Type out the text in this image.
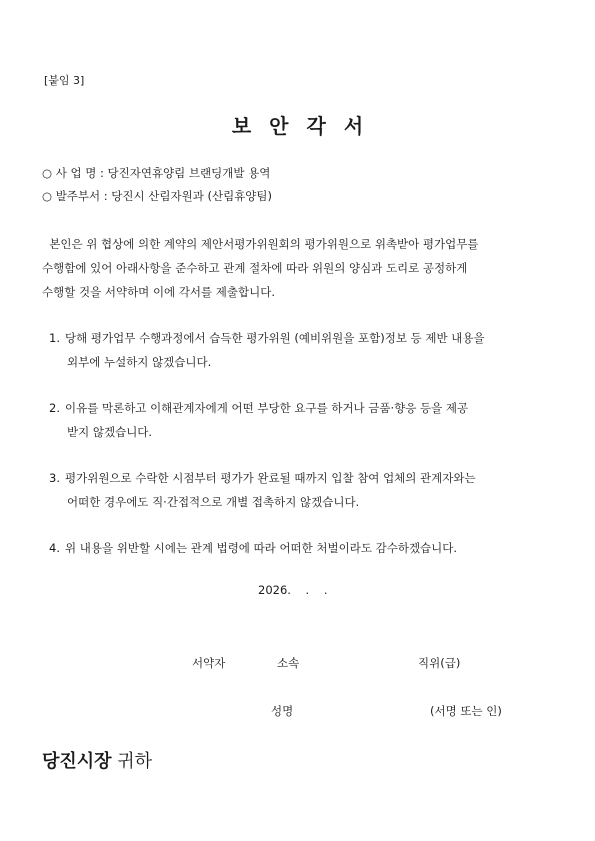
[붙임 3]
보안각서
○ 사 업 명 : 당진자연휴양림 브랜딩개발 용역
○ 발주부서 : 당진시 산림자원과 (산림휴양팀)
본인은 위 협상에 의한 계약의 제안서평가위원회의 평가위원으로 위촉받아 평가업무를
수행함에 있어 아래사항을 준수하고 관계 절차에 따라 위원의 양심과 도리로 공정하게
수행할 것을 서약하며 이에 각서를 제출합니다.
1. 당해 평가업무 수행과정에서 습득한 평가위원 (예비위원을 포함)정보 등 제반 내용을
외부에 누설하지 않겠습니다.
2. 이유를 막론하고 이해관계자에게 어떤 부당한 요구를 하거나 금품·향응 등을 제공
받지 않겠습니다.
3. 평가위원으로 수락한 시점부터 평가가 완료될 때까지 입찰 참여 업체의 관계자와는
어떠한 경우에도 직·간접적으로 개별 접촉하지 않겠습니다.
4. 위 내용을 위반할 시에는 관계 법령에 따라 어떠한 처벌이라도 감수하겠습니다.
2026.    .    .
서약자	소속	직위(급)
성명	(서명 또는 인)
당진시장 귀하
